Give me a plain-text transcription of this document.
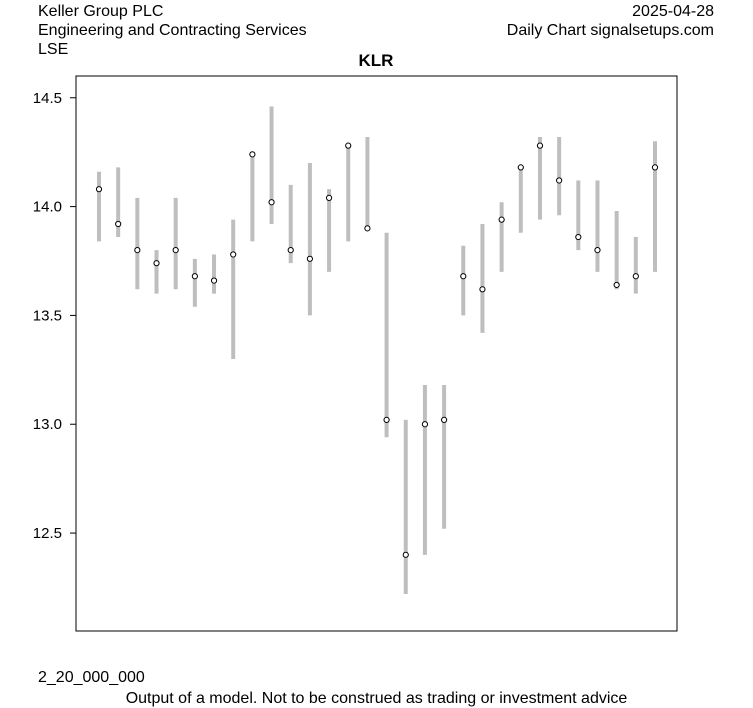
Keller Group PLC
Engineering and Contracting Services
LSE
2025-04-28
Daily Chart signalsetups.com
KLR
12.5
13.0
13.5
14.0
14.5
2_20_000_000
Output of a model. Not to be construed as trading or investment advice
